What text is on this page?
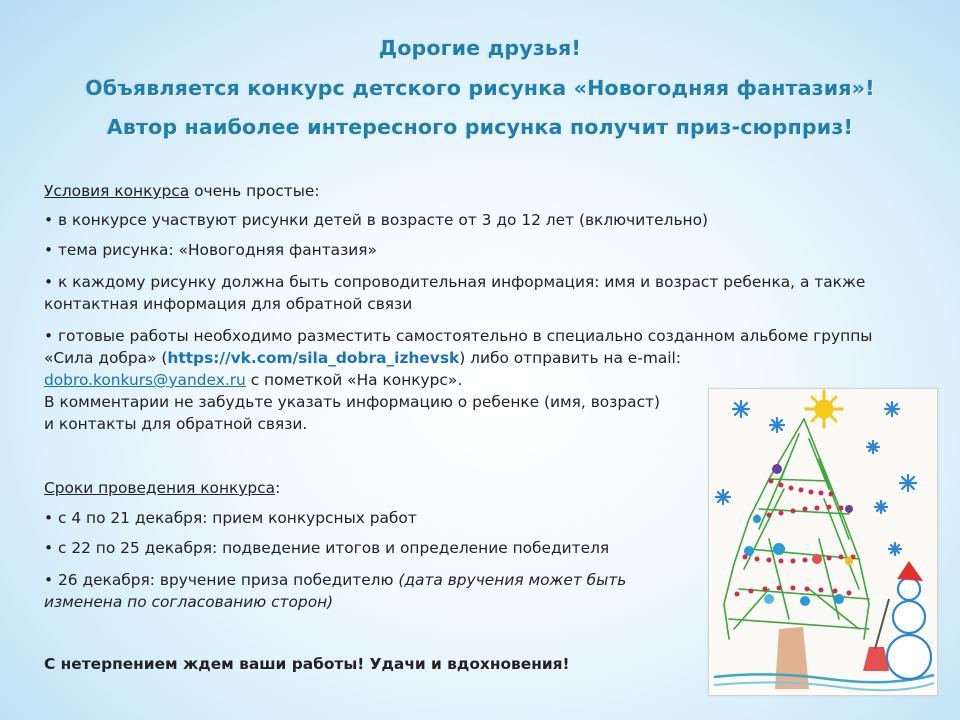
Дорогие друзья!
Объявляется конкурс детского рисунка «Новогодняя фантазия»!
Автор наиболее интересного рисунка получит приз-сюрприз!
Условия конкурса очень простые:
• в конкурсе участвуют рисунки детей в возрасте от 3 до 12 лет (включительно)
• тема рисунка: «Новогодняя фантазия»
• к каждому рисунку должна быть сопроводительная информация: имя и возраст ребенка, а также
контактная информация для обратной связи
• готовые работы необходимо разместить самостоятельно в специально созданном альбоме группы
«Сила добра» (https://vk.com/sila_dobra_izhevsk) либо отправить на e-mail:
dobro.konkurs@yandex.ru с пометкой «На конкурс».
В комментарии не забудьте указать информацию о ребенке (имя, возраст)
и контакты для обратной связи.
Сроки проведения конкурса:
• с 4 по 21 декабря: прием конкурсных работ
• с 22 по 25 декабря: подведение итогов и определение победителя
• 26 декабря: вручение приза победителю (дата вручения может быть
изменена по согласованию сторон)
С нетерпением ждем ваши работы! Удачи и вдохновения!
